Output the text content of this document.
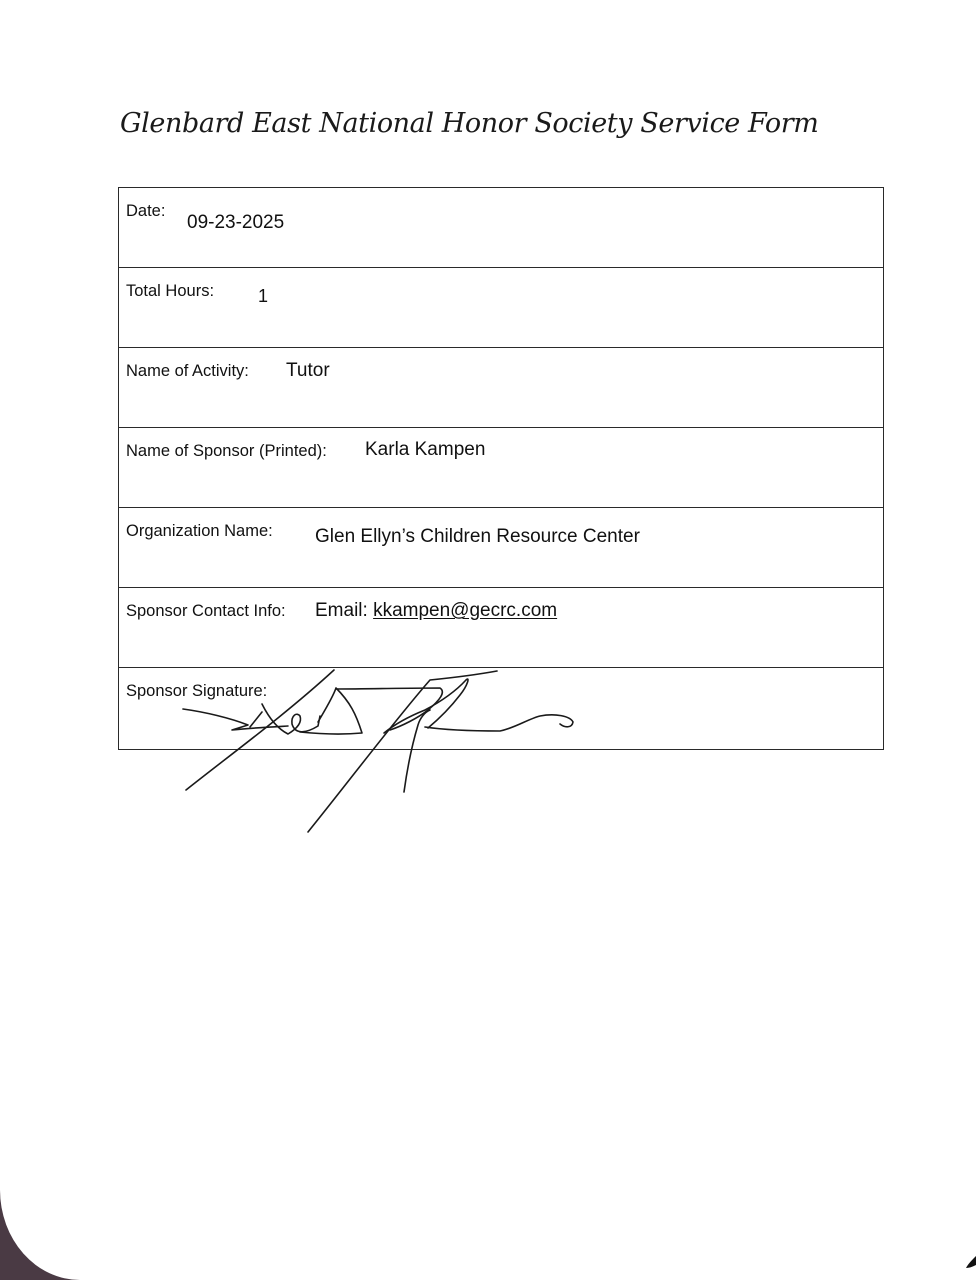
Glenbard East National Honor Society Service Form
Date:
09-23-2025
Total Hours: 1
Name of Activity: Tutor
Name of Sponsor (Printed): Karla Kampen
Organization Name: Glen Ellyn’s Children Resource Center
Sponsor Contact Info: Email: kkampen@gecrc.com
Sponsor Signature:
